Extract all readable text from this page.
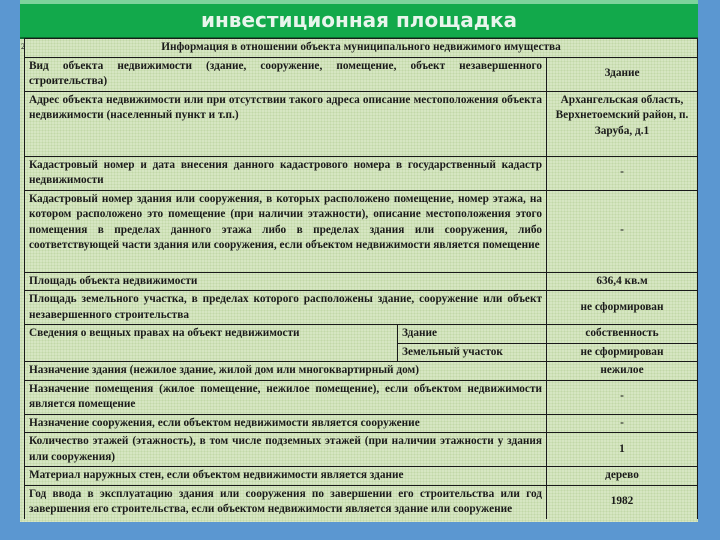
инвестиционная площадка
2	Информация в отношении объекта муниципального недвижимого имущества		
Вид объекта недвижимости (здание, сооружение, помещение, объект незавершенного строительства)		Здание
Адрес объекта недвижимости или при отсутствии такого адреса описание местоположения объекта недвижимости (населенный пункт и т.п.)		Архангельская область, Верхнетоемский район, п. Заруба, д.1
Кадастровый номер и дата внесения данного кадастрового номера в государственный кадастр недвижимости		-
Кадастровый номер здания или сооружения, в которых расположено помещение, номер этажа, на котором расположено это помещение (при наличии этажности), описание местоположения этого помещения в пределах данного этажа либо в пределах здания или сооружения, либо соответствующей части здания или сооружения, если объектом недвижимости является помещение		-
Площадь объекта недвижимости		636,4 кв.м
Площадь земельного участка, в пределах которого расположены здание, сооружение или объект незавершенного строительства		не сформирован
Сведения о вещных правах на объект недвижимости	Здание	собственность
	Земельный участок	не сформирован
Назначение здания (нежилое здание, жилой дом или многоквартирный дом)		нежилое
Назначение помещения (жилое помещение, нежилое помещение), если объектом недвижимости является помещение		-
Назначение сооружения, если объектом недвижимости является сооружение		-
Количество этажей (этажность), в том числе подземных этажей (при наличии этажности у здания или сооружения)		1
Материал наружных стен, если объектом недвижимости является здание		дерево
Год ввода в эксплуатацию здания или сооружения по завершении его строительства или год завершения его строительства, если объектом недвижимости является здание или сооружение		1982
